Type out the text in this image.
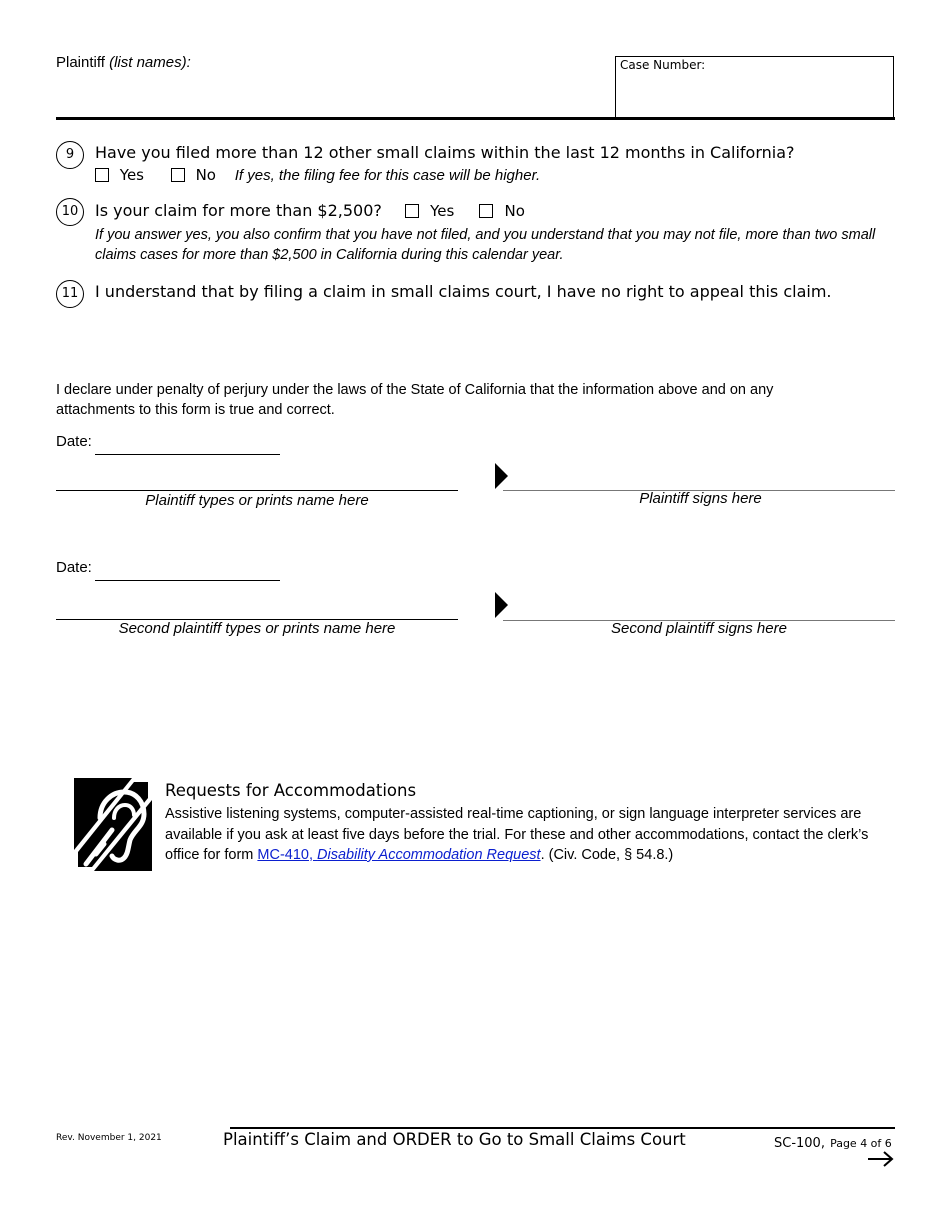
Plaintiff (list names):	Case Number:
9	Have you filed more than 12 other small claims within the last 12 months in California?
Yes	No If yes, the filing fee for this case will be higher.
10	Is your claim for more than $2,500?	Yes	No
If you answer yes, you also confirm that you have not filed, and you understand that you may not file, more than two small claims cases for more than $2,500 in California during this calendar year.
11	I understand that by filing a claim in small claims court, I have no right to appeal this claim.
I declare under penalty of perjury under the laws of the State of California that the information above and on any attachments to this form is true and correct.
Date:
Plaintiff types or prints name here	Plaintiff signs here
Date:
Second plaintiff types or prints name here	Second plaintiff signs here
Requests for Accommodations
Assistive listening systems, computer-assisted real-time captioning, or sign language interpreter services are available if you ask at least five days before the trial. For these and other accommodations, contact the clerk’s office for form MC-410, Disability Accommodation Request. (Civ. Code, § 54.8.)
Rev. November 1, 2021	Plaintiff’s Claim and ORDER to Go to Small Claims Court	SC-100, Page 4 of 6
